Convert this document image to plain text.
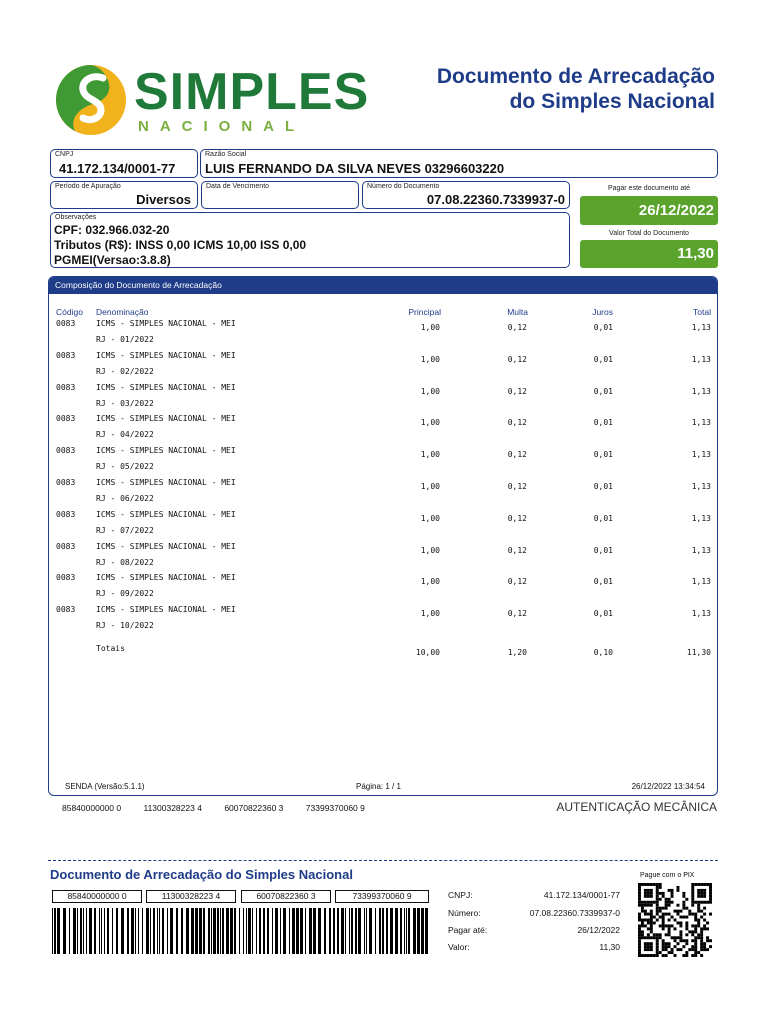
SIMPLES
NACIONAL
Documento de Arrecadação
do Simples Nacional
CNPJ
41.172.134/0001-77
Razão Social
LUIS FERNANDO DA SILVA NEVES 03296603220
Período de Apuração
Diversos
Data de Vencimento	Número do Documento
07.08.22360.7339937-0
Pagar este documento até
26/12/2022
Observações
CPF: 032.966.032-20
Tributos (R$): INSS 0,00 ICMS 10,00 ISS 0,00
PGMEI(Versao:3.8.8)
Valor Total do Documento
11,30
Composição do Documento de Arrecadação
Código Denominação	Principal	Multa	Juros	Total
0083	ICMS - SIMPLES NACIONAL - MEI
RJ - 01/2022
1,00	0,12	0,01	1,13
0083	ICMS - SIMPLES NACIONAL - MEI
RJ - 02/2022
1,00	0,12	0,01	1,13
0083	ICMS - SIMPLES NACIONAL - MEI
RJ - 03/2022
1,00	0,12	0,01	1,13
0083	ICMS - SIMPLES NACIONAL - MEI
RJ - 04/2022
1,00	0,12	0,01	1,13
0083	ICMS - SIMPLES NACIONAL - MEI
RJ - 05/2022
1,00	0,12	0,01	1,13
0083	ICMS - SIMPLES NACIONAL - MEI
RJ - 06/2022
1,00	0,12	0,01	1,13
0083	ICMS - SIMPLES NACIONAL - MEI
RJ - 07/2022
1,00	0,12	0,01	1,13
0083	ICMS - SIMPLES NACIONAL - MEI
RJ - 08/2022
1,00	0,12	0,01	1,13
0083	ICMS - SIMPLES NACIONAL - MEI
RJ - 09/2022
1,00	0,12	0,01	1,13
0083	ICMS - SIMPLES NACIONAL - MEI
RJ - 10/2022
1,00	0,12	0,01	1,13
Totais	10,00	1,20	0,10	11,30
SENDA (Versão:5.1.1)	Página: 1 / 1	26/12/2022 13:34:54
85840000000 0	11300328223 4	60070822360 3	73399370060 9	AUTENTICAÇÃO MECÂNICA
Documento de Arrecadação do Simples Nacional
85840000000 0	11300328223 4	60070822360 3	73399370060 9	CNPJ:	41.172.134/0001-77
Número:	07.08.22360.7339937-0
Pagar até:	26/12/2022
Valor:	11,30
Pague com o PIX
